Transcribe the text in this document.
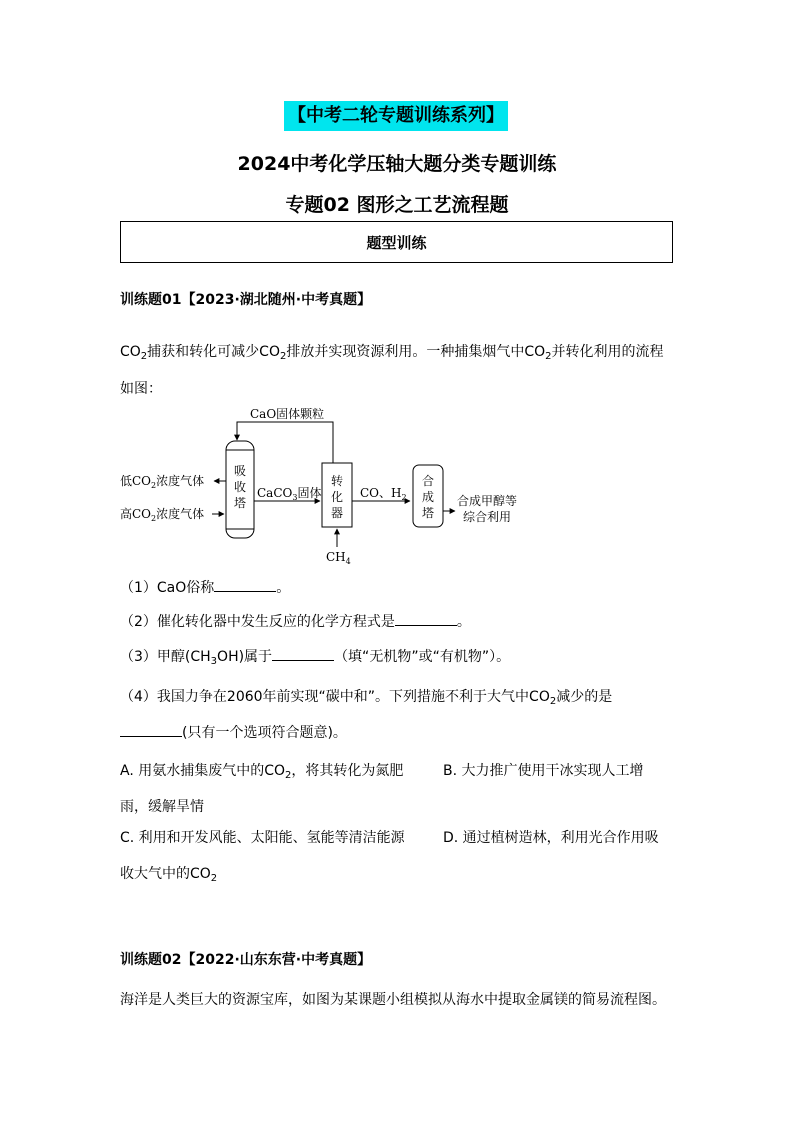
【中考二轮专题训练系列】
2024中考化学压轴大题分类专题训练
专题02 图形之工艺流程题
题型训练
训练题01【2023·湖北随州·中考真题】
$CO_2$捕获和转化可减少$CO_2$排放并实现资源利用。一种捕集烟气中$CO_2$并转化利用的流程
如图：
CaO固体颗粒
吸
收
塔
低$CO_2$浓度气体
高$CO_2$浓度气体
CaCO$_3$固体
转
化
器
$CH_4$
CO、$H_2$
合
成
塔
合成甲醇等
综合利用
（1）CaO俗称	。
（2）催化转化器中发生反应的化学方程式是	。
（3）甲醇$(CH_3OH)$属于	（填“无机物”或“有机物”）。
（4）我国力争在2060年前实现“碳中和”。下列措施不利于大气中$CO_2$减少的是
(只有一个选项符合题意)。
A. 用氨水捕集废气中的$CO_2$，将其转化为氮肥	B. 大力推广使用干冰实现人工增
雨，缓解旱情
C. 利用和开发风能、太阳能、氢能等清洁能源	D. 通过植树造林，利用光合作用吸
收大气中的$CO_2$
训练题02【2022·山东东营·中考真题】
海洋是人类巨大的资源宝库，如图为某课题小组模拟从海水中提取金属镁的简易流程图。
